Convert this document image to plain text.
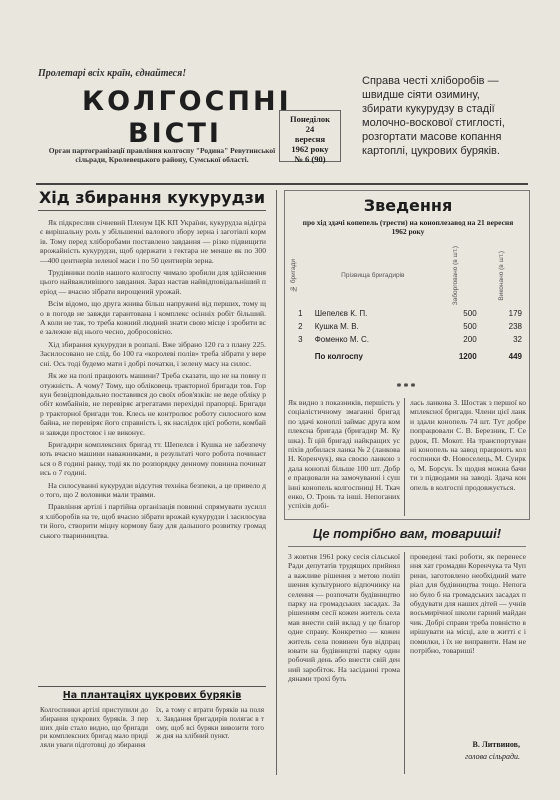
Пролетарі всіх країн, єднайтеся!
КОЛГОСПНІ
ВІСТІ
Орган партогранізації правління колгоспу "Родина" Ревутинської сільради, Кролевецького району, Сумської області.
Понеділок
24
вересня
1962 року
№ 6 (90)
Справа честі хліборобів — швидше сіяти озимину, збирати кукурудзу в стадії молочно-воскової стиглості, розгортати масове копання картоплі, цукрових буряків.
Хід збирання кукурудзи

Як підкреслив січневий Пленум ЦК КП України, кукурудза відіграє вирішальну роль у збільшенні валового збору зерна і заготівлі кормів. Тому перед хліборобами поставлено завдання — різко підвищити врожайність кукурудзи, щоб одержати з гектара не менше як по 300—400 центнерів зеленої маси і по 50 центнерів зерна.

Трудівники полів нашого колгоспу чимало зробили для здійснення цього найважливішого завдання. Зараз настав найвідповідальніший період — вчасно зібрати вирощений урожай.

Всім відомо, що друга жнива більш напружені від перших, тому що в погодв не завжди гарантована і комплекс осінніх робіт більший. А коли не так, то треба кожний людний знати свою місце і зробити все залежне від нього чесно, добросовісно.

Хід збирання кукурудзи в розпалі. Вже зібрано 120 га з плану 225. Засилосовано не слід, бо 100 га «королеві полів» треба зібрати у вересні. Ось тоді будемо мати і добрі початки, і зелену масу на силос.

Як же на полі працюють машини? Треба сказати, що не на повну потужність. А чому? Тому, що обліковець тракторної бригади тов. Горкун безвідповідально поставився до своїх обов'язків: не веде обліку робіт комбайнів, не перевіряє агрегатами перехідні прапорці. Бригадир тракторної бригади тов. Клесь не контролює роботу силосного комбайна, не перевіряє його справність і, як наслідок цієї роботи, комбайн завжди простоює і не виконує.

Бригадири комплексних бригад тт. Шепелєв і Кушка не забезпечують вчасно машини наважниками, в результаті чого робота починається о 8 годині ранку, тоді як по розпорядку денному повинна починатись о 7 годині.

На силосуванні кукурудзи відсутня техніка безпеки, а це привело до того, що 2 воловики мали травми.

Правління артілі і партійна організація повинні спрямувати зусилля хліборобів на те, щоб вчасно зібрати врожай кукурудзи і засилосувати його, створити міцну кормову базу для дальшого розвитку громадського тваринництва.

На плантаціях цукрових буряків
Колгоспники артілі приступили до збирання цукрових буряків. З перших днів стало видно, що бригадири комплексних бригад мало приділяли уваги підготовці до збирання
їх, а тому є втрати буряків на полях. Завдання бригадирів полягає в тому, щоб всі буряки вивозити того ж дня на хлібний пункт.
Зведення
про хід здачі копепель (трести) на коноплезавод на 21 вересня 1962 року
№ бригади	Прізвища бригадирів	Заборговано (в шт.)	Виконано (в шт.)

1	Шепелєв К. П.	500	179
2	Кушка М. В.	500	238
3	Фоменко М. С.	200	32
	По колгоспу	1200	449
***
Як видно з показників, першість у соціалістичному змаганні бригад по здачі коноплі займає друга комплексна бригада (бригадир М. Кушка). Її цій бригаді найкращих успіхів добилася ланка № 2 (ланкова Н. Коренчук), яка своєю ланкою здала коноплі більше 100 шт. Добре працювали на замочуванні і сушінні конопель колгоспниці Н. Ткаченко, О. Тронь та інші. Непоганих успіхів добі-
лась ланкова З. Шостак з першої комплексної бригади. Члени цієї ланки здали конопель 74 шт. Тут добре попрацювали С. В. Березник, Г. Сердюк, П. Мокот. На транспортуванні конопель на завод працюють колгоспники Ф. Новоселець, М. Суирко, М. Борсук. Їх щодня можна бачити з підводами на заводі. Здача конопель в колгоспі продовжується.
Це потрібно вам, товариші!
3 жовтня 1961 року сесія сільської Ради депутатів трудящих прийняла важливе рішення з метою поліпшення культурного відпочинку населення — розпочати будівництво парку на громадських засадах. За рішенням сесії кожен житель села мав внести свій вклад у це благородне справу. Конкретно — кожен житель села повинен був відпрацювати на будівництві парку один робочий день або внести свій денний заробіток. На засіданні громадянами трохі буть
проведені такі роботи, як перенесення хат громадян Коренчука та Чуприни, заготовлено необхідний матеріал для будівництва тощо. Непогано було б на громадських засадах побудувати для наших дітей — учнів восьмирічної школи гарний майданчик. Добрі справи треба повністю вирішувати на місці, але в житті є і помилки, і їх не виправити. Нам не потрібно, товариші!
В. Литвинов,
голова сільради.
